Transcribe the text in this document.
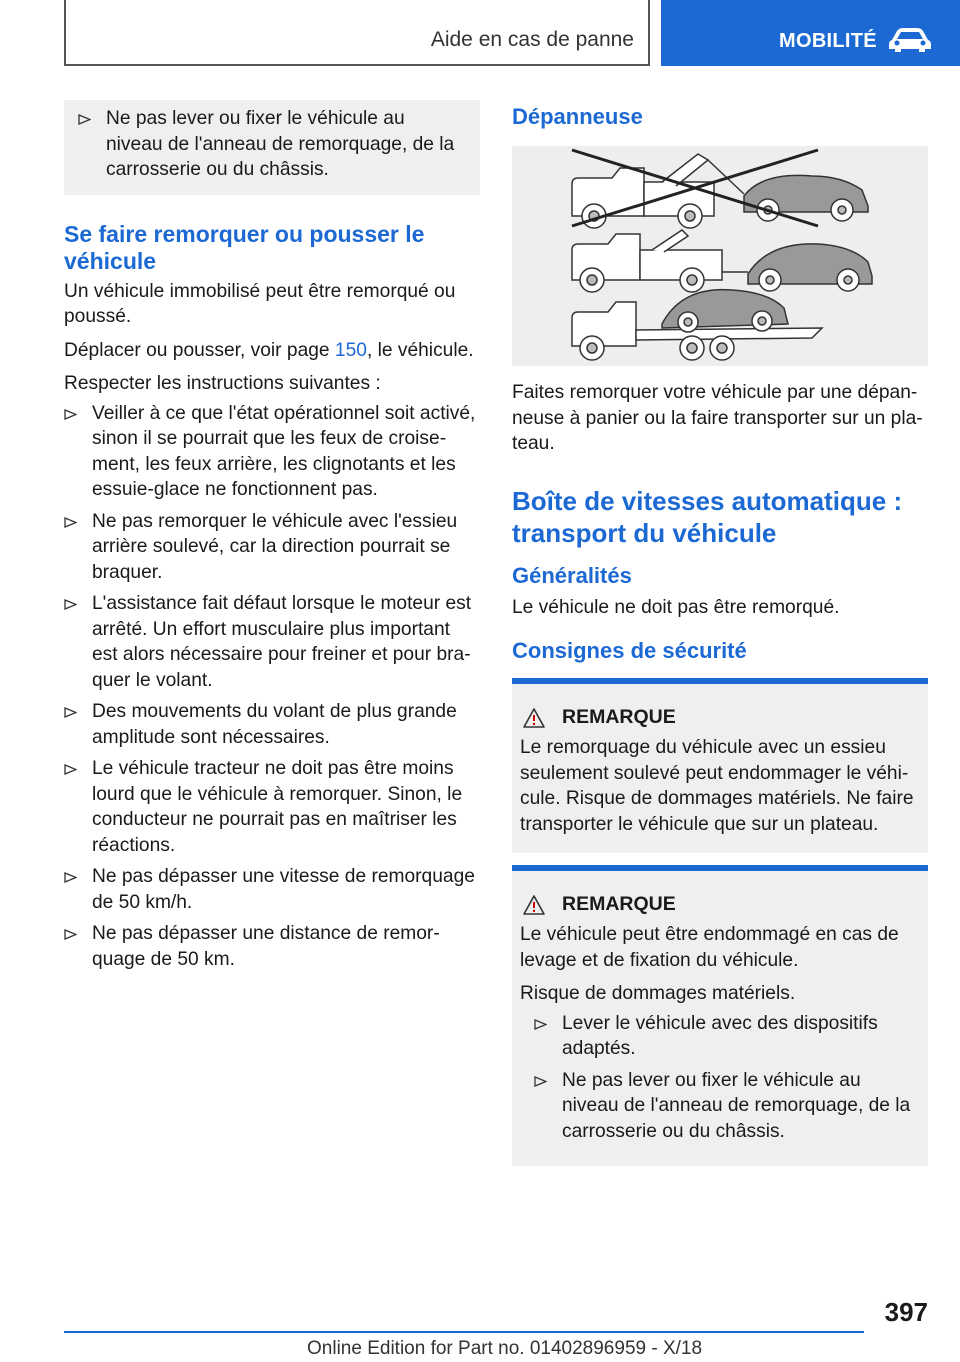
Aide en cas de panne	MOBILITÉ
Ne pas lever ou fixer le véhicule au niveau de l'anneau de remorquage, de la carrosserie ou du châssis.
Se faire remorquer ou pousser le véhicule

Un véhicule immobilisé peut être remorqué ou poussé.

Déplacer ou pousser, voir page 150, le véhicule.

Respecter les instructions suivantes :

Veiller à ce que l'état opérationnel soit activé, sinon il se pourrait que les feux de croisement, les feux arrière, les clignotants et les essuie-glace ne fonctionnent pas.
Ne pas remorquer le véhicule avec l'essieu arrière soulevé, car la direction pourrait se braquer.
L'assistance fait défaut lorsque le moteur est arrêté. Un effort musculaire plus important est alors nécessaire pour freiner et pour braquer le volant.
Des mouvements du volant de plus grande amplitude sont nécessaires.
Le véhicule tracteur ne doit pas être moins lourd que le véhicule à remorquer. Sinon, le conducteur ne pourrait pas en maîtriser les réactions.
Ne pas dépasser une vitesse de remorquage de 50 km/h.
Ne pas dépasser une distance de remorquage de 50 km.
Dépanneuse

Faites remorquer votre véhicule par une dépanneuse à panier ou la faire transporter sur un plateau.

Boîte de vitesses automatique : transport du véhicule
Généralités

Le véhicule ne doit pas être remorqué.

Consignes de sécurité
REMARQUE

Le remorquage du véhicule avec un essieu seulement soulevé peut endommager le véhicule. Risque de dommages matériels. Ne faire transporter le véhicule que sur un plateau.

REMARQUE

Le véhicule peut être endommagé en cas de levage et de fixation du véhicule.

Risque de dommages matériels.

Lever le véhicule avec des dispositifs adaptés.
Ne pas lever ou fixer le véhicule au niveau de l'anneau de remorquage, de la carrosserie ou du châssis.
397
Online Edition for Part no. 01402896959 - X/18
